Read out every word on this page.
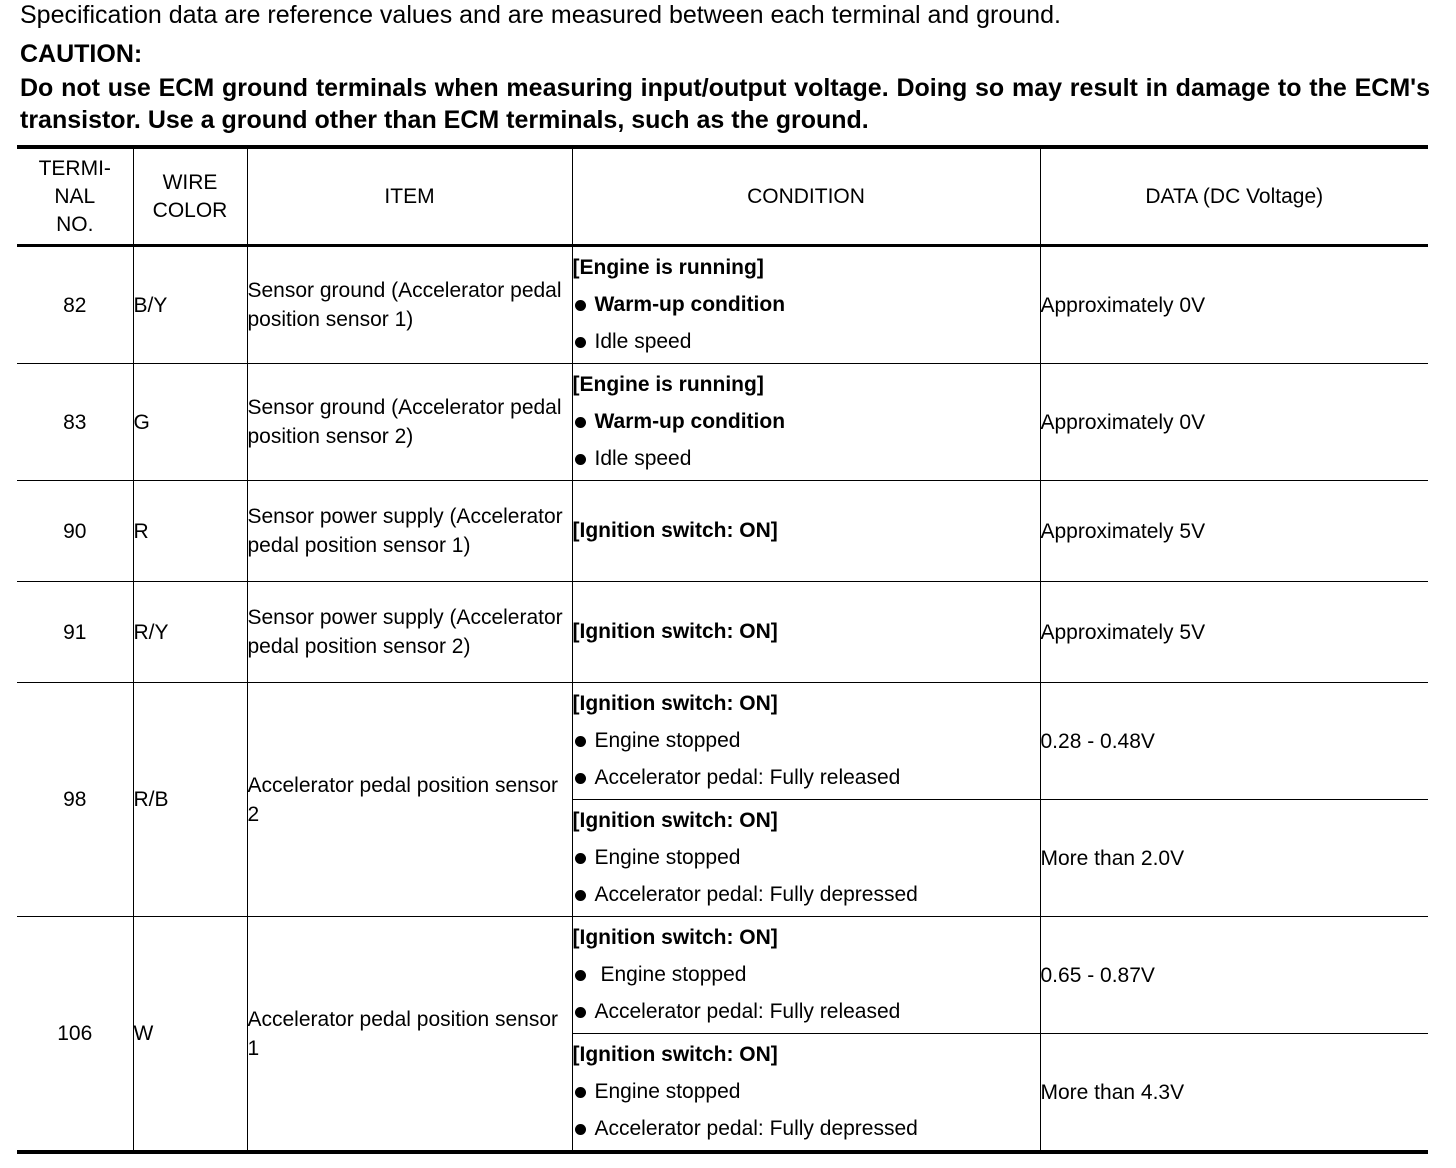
Specification data are reference values and are measured between each terminal and ground.
CAUTION:
Do not use ECM ground terminals when measuring input/output voltage. Doing so may result in damage to the ECM's transistor. Use a ground other than ECM terminals, such as the ground.
TERMI-
NAL
NO.	WIRE
COLOR	ITEM	CONDITION	DATA (DC Voltage)
82	B/Y	Sensor ground (Accelerator pedal position sensor 1)	[Engine is running]
Warm-up condition
Idle speed	Approximately 0V
83	G	Sensor ground (Accelerator pedal position sensor 2)	[Engine is running]
Warm-up condition
Idle speed	Approximately 0V
90	R	Sensor power supply (Accelerator pedal position sensor 1)	[Ignition switch: ON]	Approximately 5V
91	R/Y	Sensor power supply (Accelerator pedal position sensor 2)	[Ignition switch: ON]	Approximately 5V
98	R/B	Accelerator pedal position sensor 2	[Ignition switch: ON]
Engine stopped
Accelerator pedal: Fully released	0.28 - 0.48V

			[Ignition switch: ON]
Engine stopped
Accelerator pedal: Fully depressed	More than 2.0V
106	W	Accelerator pedal position sensor 1	[Ignition switch: ON]
Engine stopped
Accelerator pedal: Fully released	0.65 - 0.87V

			[Ignition switch: ON]
Engine stopped
Accelerator pedal: Fully depressed	More than 4.3V
